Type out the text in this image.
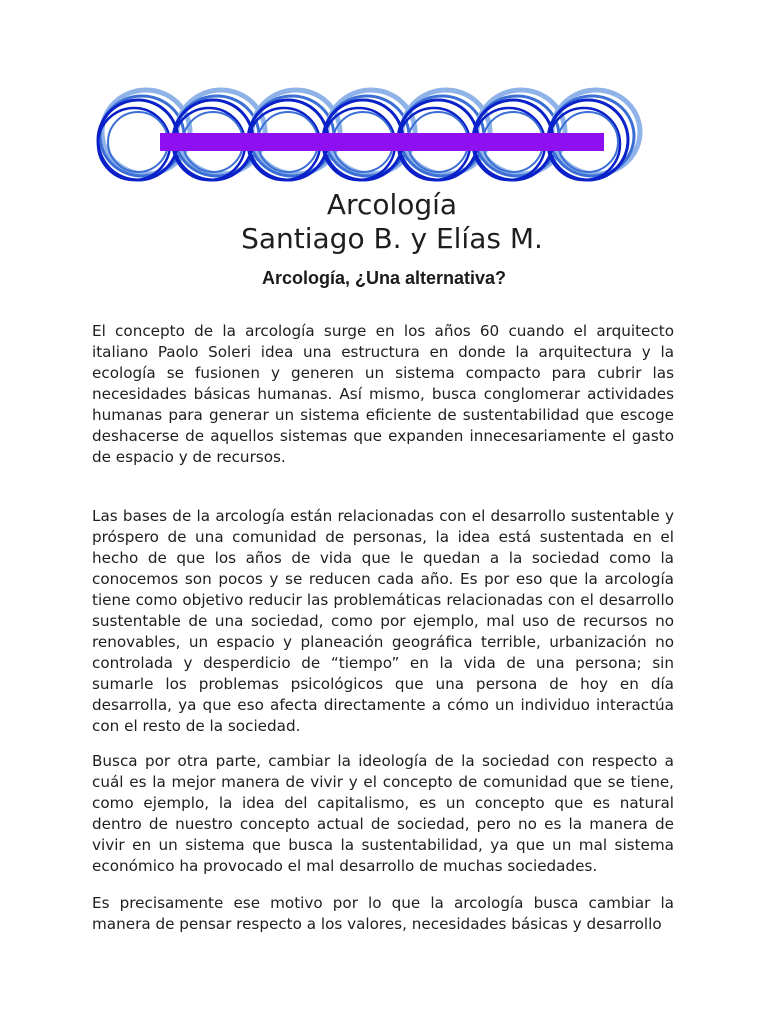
Arcología
Santiago B. y Elías M.
Arcología, ¿Una alternativa?

El concepto de la arcología surge en los años 60 cuando el arquitecto italiano Paolo Soleri idea una estructura en donde la arquitectura y la ecología se fusionen y generen un sistema compacto para cubrir las necesidades básicas humanas. Así mismo, busca conglomerar actividades humanas para generar un sistema eficiente de sustentabilidad que escoge deshacerse de aquellos sistemas que expanden innecesariamente el gasto de espacio y de recursos.

Las bases de la arcología están relacionadas con el desarrollo sustentable y próspero de una comunidad de personas, la idea está sustentada en el hecho de que los años de vida que le quedan a la sociedad como la conocemos son pocos y se reducen cada año. Es por eso que la arcología tiene como objetivo reducir las problemáticas relacionadas con el desarrollo sustentable de una sociedad, como por ejemplo, mal uso de recursos no renovables, un espacio y planeación geográfica terrible, urbanización no controlada y desperdicio de “tiempo” en la vida de una persona; sin sumarle los problemas psicológicos que una persona de hoy en día desarrolla, ya que eso afecta directamente a cómo un individuo interactúa con el resto de la sociedad.

Busca por otra parte, cambiar la ideología de la sociedad con respecto a cuál es la mejor manera de vivir y el concepto de comunidad que se tiene, como ejemplo, la idea del capitalismo, es un concepto que es natural dentro de nuestro concepto actual de sociedad, pero no es la manera de vivir en un sistema que busca la sustentabilidad, ya que un mal sistema económico ha provocado el mal desarrollo de muchas sociedades.

Es precisamente ese motivo por lo que la arcología busca cambiar la manera de pensar respecto a los valores, necesidades básicas y desarrollo
